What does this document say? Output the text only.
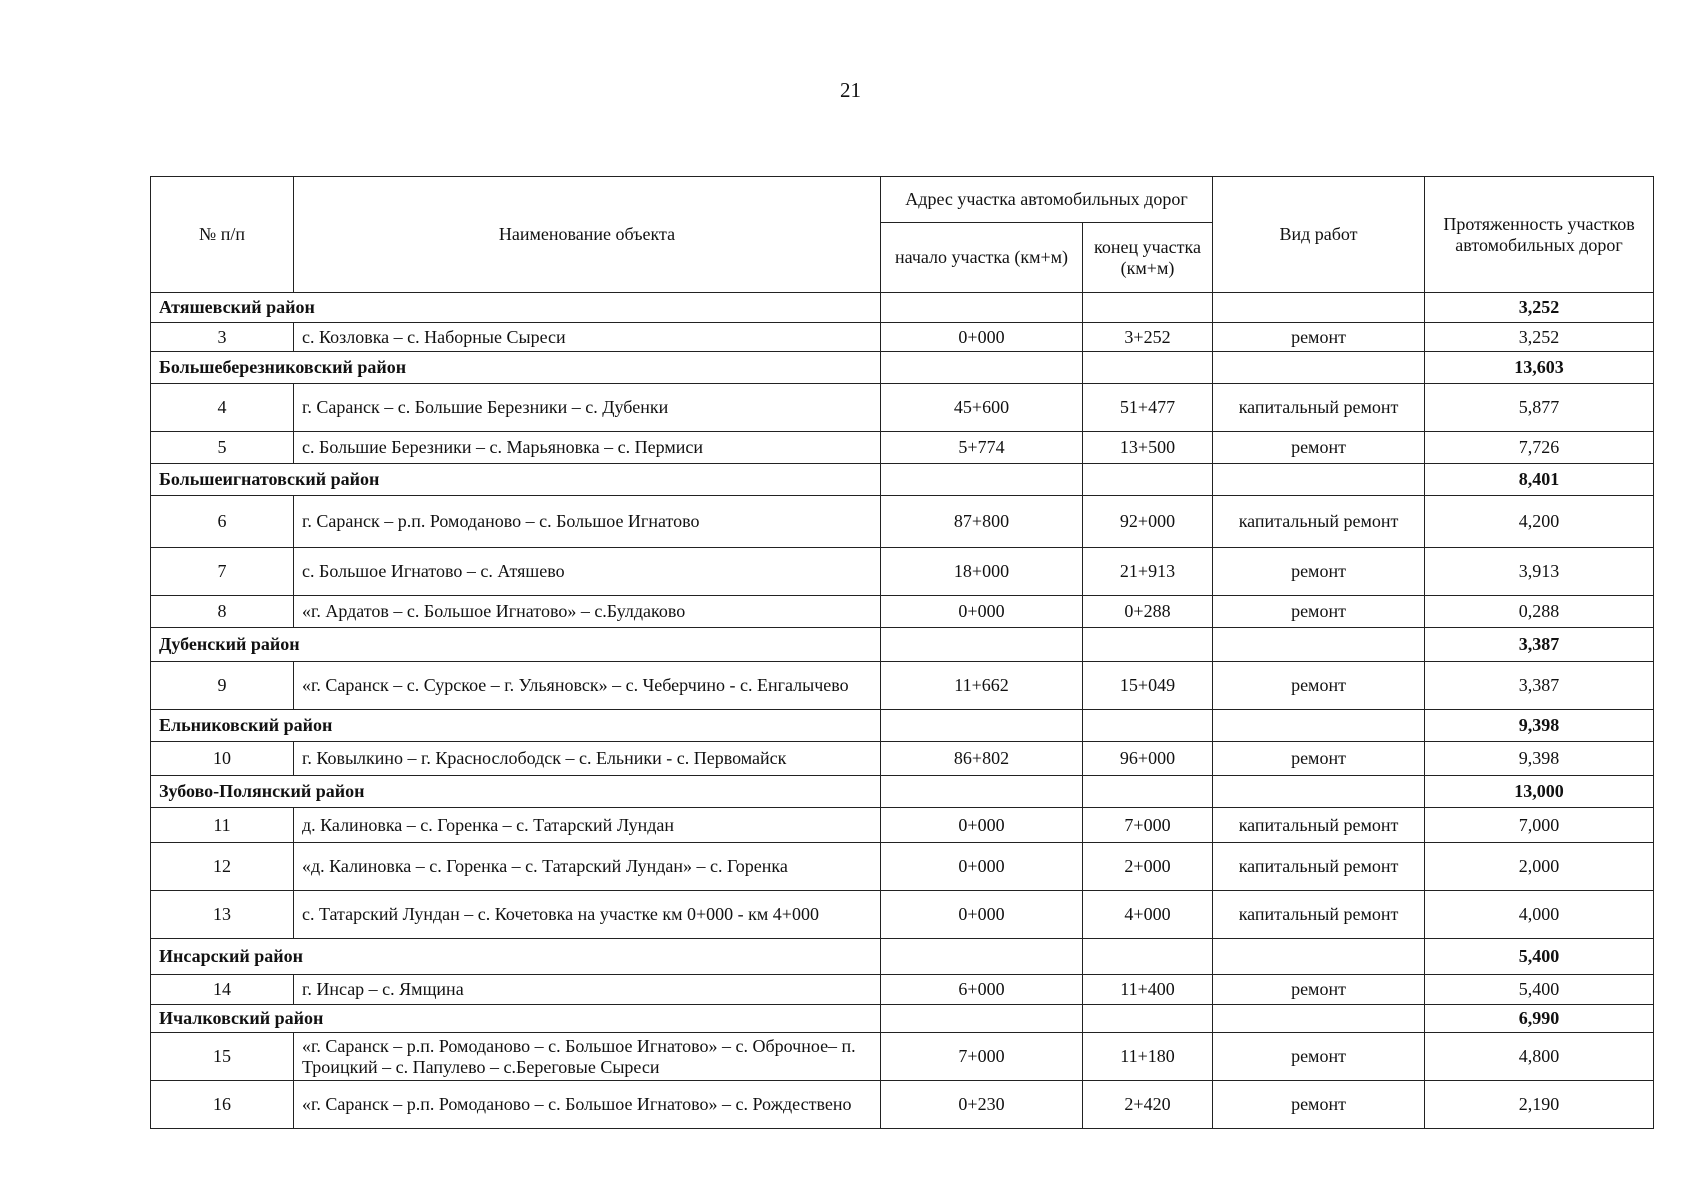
21
№ п/п	Наименование объекта	Адрес участка автомобильных дорог		Вид работ	Протяженность участков автомобильных дорог
		начало участка (км+м)	конец участка (км+м)		
Атяшевский район					3,252
3	с. Козловка – с. Наборные Сыреси	0+000	3+252	ремонт	3,252
Большеберезниковский район					13,603
4	г. Саранск – с. Большие Березники – с. Дубенки	45+600	51+477	капитальный ремонт	5,877
5	с. Большие Березники – с. Марьяновка – с. Пермиси	5+774	13+500	ремонт	7,726
Большеигнатовский район					8,401
6	г. Саранск – р.п. Ромоданово – с. Большое Игнатово	87+800	92+000	капитальный ремонт	4,200
7	с. Большое Игнатово – с. Атяшево	18+000	21+913	ремонт	3,913
8	«г. Ардатов – с. Большое Игнатово» – с.Булдаково	0+000	0+288	ремонт	0,288
Дубенский район					3,387
9	«г. Саранск – с. Сурское – г. Ульяновск» – с. Чеберчино - с. Енгалычево	11+662	15+049	ремонт	3,387
Ельниковский район					9,398
10	г. Ковылкино – г. Краснослободск – с. Ельники - с. Первомайск	86+802	96+000	ремонт	9,398
Зубово-Полянский район					13,000
11	д. Калиновка – с. Горенка – с. Татарский Лундан	0+000	7+000	капитальный ремонт	7,000
12	«д. Калиновка – с. Горенка – с. Татарский Лундан» – с. Горенка	0+000	2+000	капитальный ремонт	2,000
13	с. Татарский Лундан – с. Кочетовка на участке км 0+000 - км 4+000	0+000	4+000	капитальный ремонт	4,000
Инсарский район					5,400
14	г. Инсар – с. Ямщина	6+000	11+400	ремонт	5,400
Ичалковский район					6,990
15	«г. Саранск – р.п. Ромоданово – с. Большое Игнатово» – с. Оброчное– п. Троицкий – с. Папулево – с.Береговые Сыреси	7+000	11+180	ремонт	4,800
16	«г. Саранск – р.п. Ромоданово – с. Большое Игнатово» – с. Рождествено	0+230	2+420	ремонт	2,190
